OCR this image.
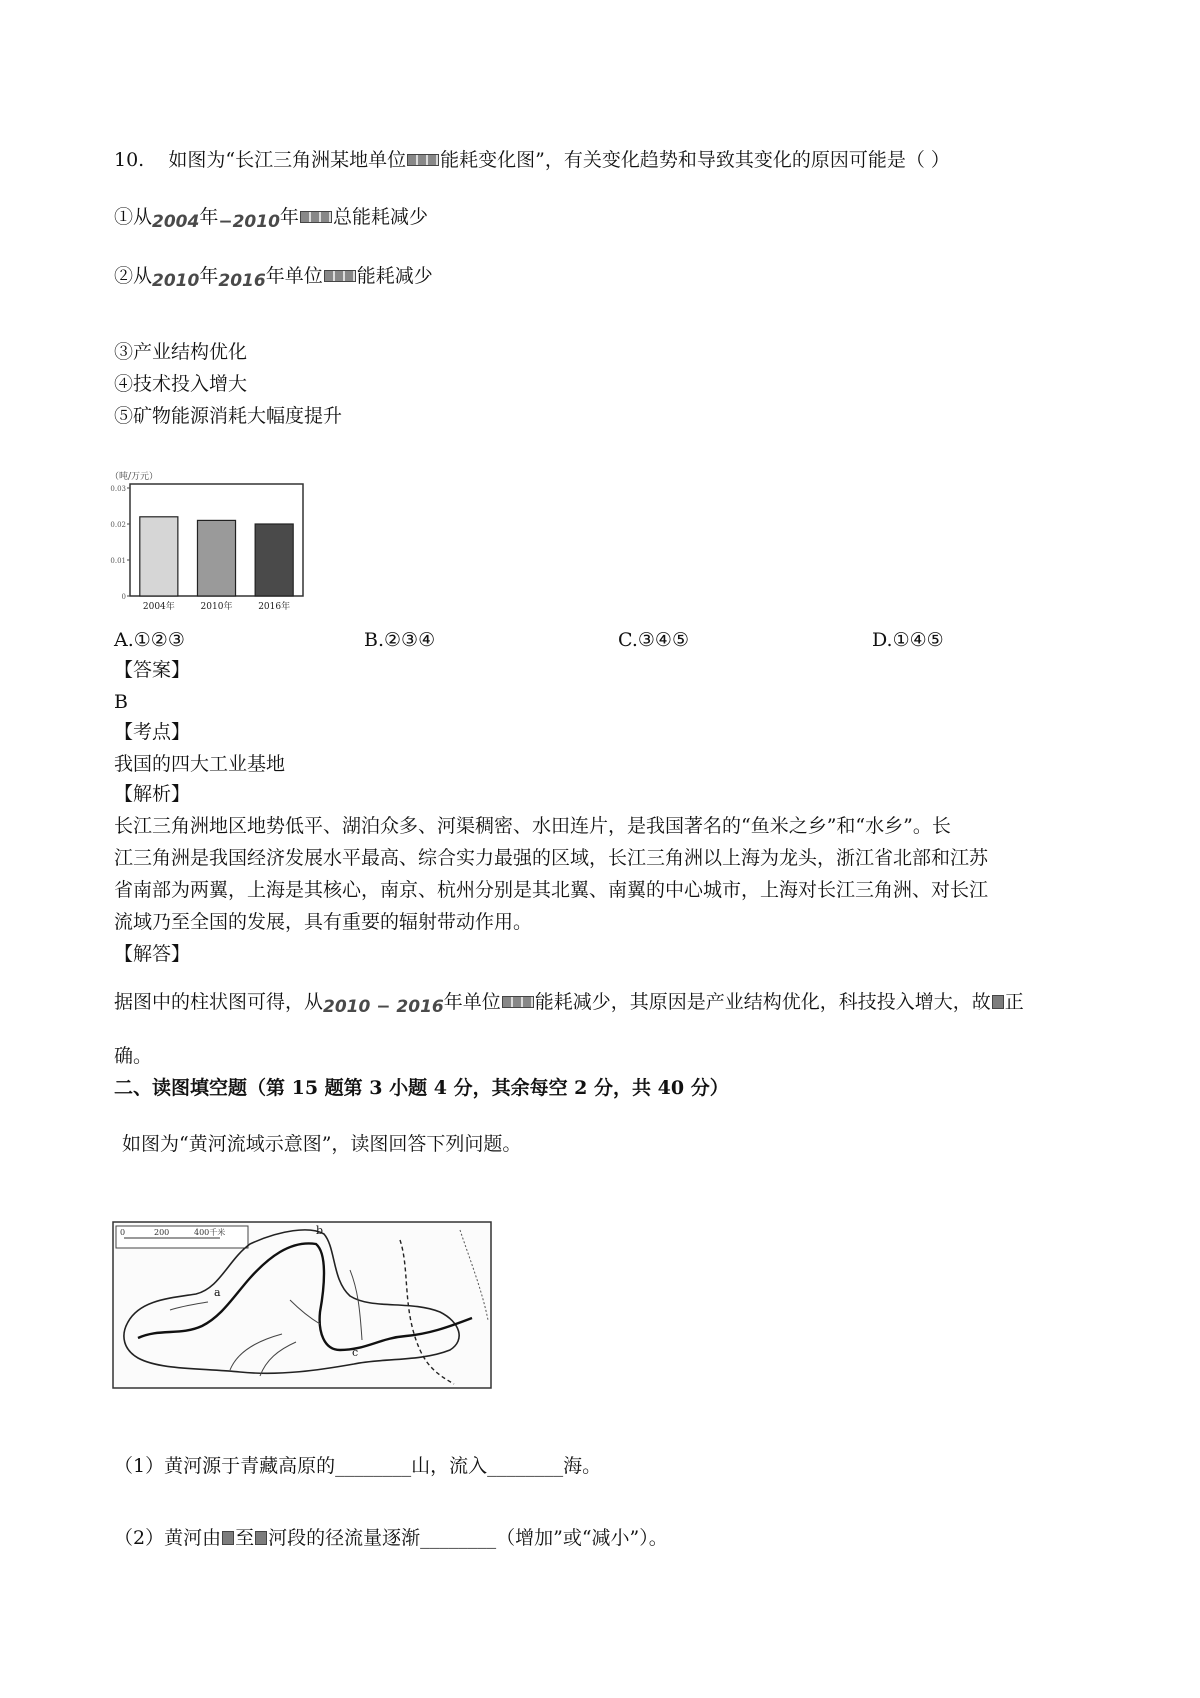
10. 如图为“长江三角洲某地单位 能耗变化图”，有关变化趋势和导致其变化的原因可能是（ ）
①从2004年−2010年 总能耗减少
②从2010年2016年单位 能耗减少
③产业结构优化
④技术投入增大
⑤矿物能源消耗大幅度提升
（吨/万元）
0
0.01
0.02
0.03
2004年	2010年	2016年
A.①②③	B.②③④	C.③④⑤	D.①④⑤
【答案】
B
【考点】
我国的四大工业基地
【解析】
长江三角洲地区地势低平、湖泊众多、河渠稠密、水田连片，是我国著名的“鱼米之乡”和“水乡”。长
江三角洲是我国经济发展水平最高、综合实力最强的区域，长江三角洲以上海为龙头，浙江省北部和江苏
省南部为两翼，上海是其核心，南京、杭州分别是其北翼、南翼的中心城市，上海对长江三角洲、对长江
流域乃至全国的发展，具有重要的辐射带动作用。
【解答】
据图中的柱状图可得，从2010 − 2016年单位 能耗减少，其原因是产业结构优化，科技投入增大，故 正
确。
二、读图填空题（第 15 题第 3 小题 4 分，其余每空 2 分，共 40 分）
如图为“黄河流域示意图”，读图回答下列问题。
0	200	400千米
a
b
c
（1）黄河源于青藏高原的________山，流入________海。
（2）黄河由 至 河段的径流量逐渐________（增加”或“减小”）。
